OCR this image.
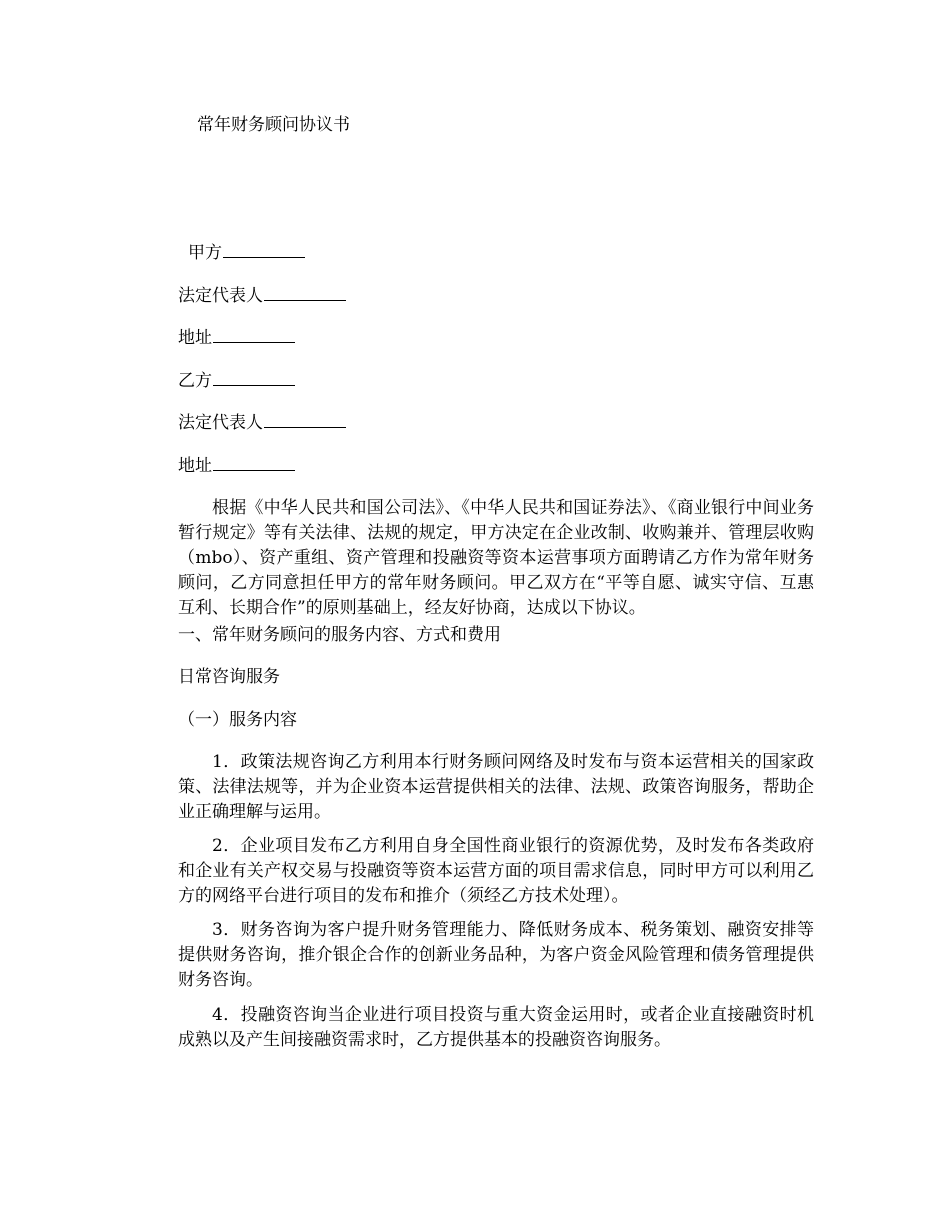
常年财务顾问协议书
甲方
法定代表人
地址
乙方
法定代表人
地址

根据《中华人民共和国公司法》、《中华人民共和国证券法》、《商业银行中间业务暂行规定》等有关法律、法规的规定，甲方决定在企业改制、收购兼并、管理层收购（mbo）、资产重组、资产管理和投融资等资本运营事项方面聘请乙方作为常年财务顾问，乙方同意担任甲方的常年财务顾问。甲乙双方在“平等自愿、诚实守信、互惠互利、长期合作”的原则基础上，经友好协商，达成以下协议。

一、常年财务顾问的服务内容、方式和费用
日常咨询服务
（一）服务内容

1．政策法规咨询乙方利用本行财务顾问网络及时发布与资本运营相关的国家政策、法律法规等，并为企业资本运营提供相关的法律、法规、政策咨询服务，帮助企业正确理解与运用。

2．企业项目发布乙方利用自身全国性商业银行的资源优势，及时发布各类政府和企业有关产权交易与投融资等资本运营方面的项目需求信息，同时甲方可以利用乙方的网络平台进行项目的发布和推介（须经乙方技术处理）。

3．财务咨询为客户提升财务管理能力、降低财务成本、税务策划、融资安排等提供财务咨询，推介银企合作的创新业务品种，为客户资金风险管理和债务管理提供财务咨询。

4．投融资咨询当企业进行项目投资与重大资金运用时，或者企业直接融资时机成熟以及产生间接融资需求时，乙方提供基本的投融资咨询服务。
